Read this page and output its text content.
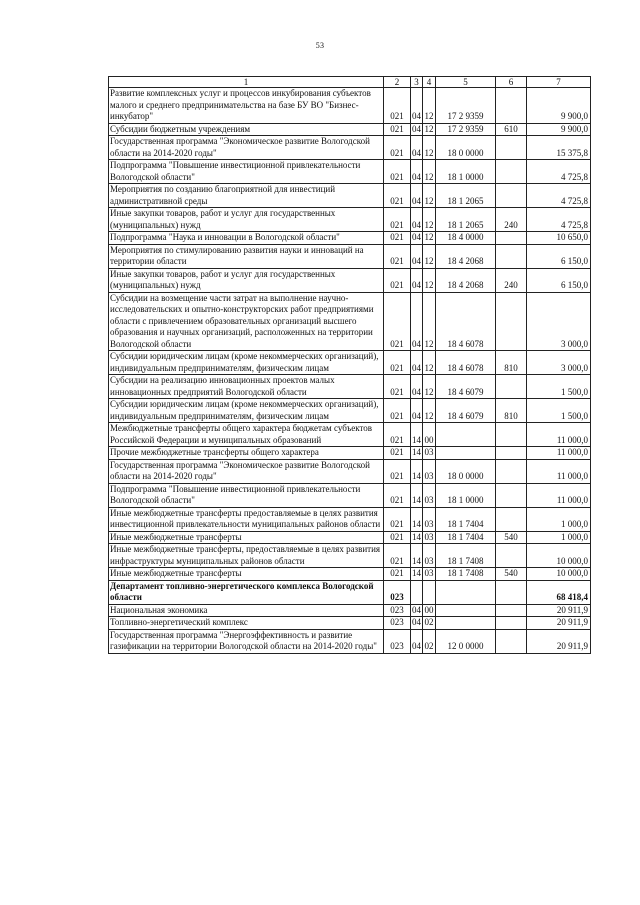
53
1	2	3	4	5	6	7
Развитие комплексных услуг и процессов инкубирования субъектов малого и среднего предпринимательства на базе БУ ВО "Бизнес-инкубатор"	021	04	12	17 2 9359		9 900,0
Субсидии бюджетным учреждениям	021	04	12	17 2 9359	610	9 900,0
Государственная программа "Экономическое развитие Вологодской области на 2014-2020 годы"	021	04	12	18 0 0000		15 375,8
Подпрограмма "Повышение инвестиционной привлекательности Вологодской области"	021	04	12	18 1 0000		4 725,8
Мероприятия по созданию благоприятной для инвестиций административной среды	021	04	12	18 1 2065		4 725,8
Иные закупки товаров, работ и услуг для государственных (муниципальных) нужд	021	04	12	18 1 2065	240	4 725,8
Подпрограмма "Наука и инновации в Вологодской области"	021	04	12	18 4 0000		10 650,0
Мероприятия по стимулированию развития науки и инноваций на территории области	021	04	12	18 4 2068		6 150,0
Иные закупки товаров, работ и услуг для государственных (муниципальных) нужд	021	04	12	18 4 2068	240	6 150,0
Субсидии на возмещение части затрат на выполнение научно-исследовательских и опытно-конструкторских работ предприятиями области с привлечением образовательных организаций высшего образования и научных организаций, расположенных на территории Вологодской области	021	04	12	18 4 6078		3 000,0
Субсидии юридическим лицам (кроме некоммерческих организаций), индивидуальным предпринимателям, физическим лицам	021	04	12	18 4 6078	810	3 000,0
Субсидии на реализацию инновационных проектов малых инновационных предприятий Вологодской области	021	04	12	18 4 6079		1 500,0
Субсидии юридическим лицам (кроме некоммерческих организаций), индивидуальным предпринимателям, физическим лицам	021	04	12	18 4 6079	810	1 500,0
Межбюджетные трансферты общего характера бюджетам субъектов Российской Федерации и муниципальных образований	021	14	00			11 000,0
Прочие межбюджетные трансферты общего характера	021	14	03			11 000,0
Государственная программа "Экономическое развитие Вологодской области на 2014-2020 годы"	021	14	03	18 0 0000		11 000,0
Подпрограмма "Повышение инвестиционной привлекательности Вологодской области"	021	14	03	18 1 0000		11 000,0
Иные межбюджетные трансферты предоставляемые в целях развития инвестиционной привлекательности муниципальных районов области	021	14	03	18 1 7404		1 000,0
Иные межбюджетные трансферты	021	14	03	18 1 7404	540	1 000,0
Иные межбюджетные трансферты, предоставляемые в целях развития инфраструктуры муниципальных районов области	021	14	03	18 1 7408		10 000,0
Иные межбюджетные трансферты	021	14	03	18 1 7408	540	10 000,0
Департамент топливно-энергетического комплекса Вологодской области	023					68 418,4
Национальная экономика	023	04	00			20 911,9
Топливно-энергетический комплекс	023	04	02			20 911,9
Государственная программа "Энергоэффективность и развитие газификации на территории Вологодской области на 2014-2020 годы"	023	04	02	12 0 0000		20 911,9
